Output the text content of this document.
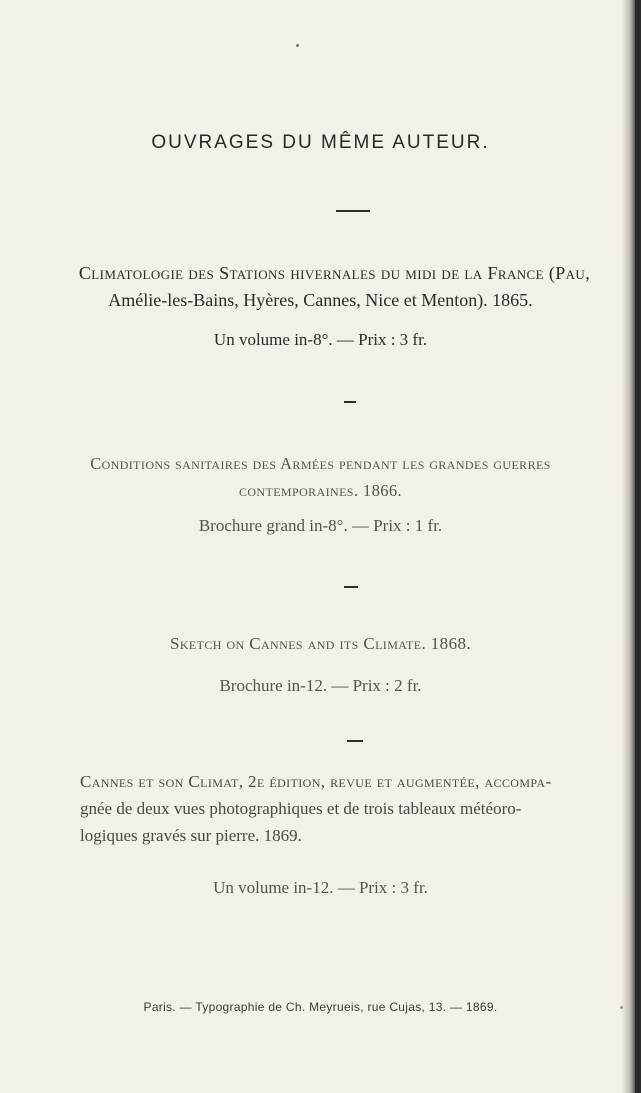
OUVRAGES DU MÊME AUTEUR.

Climatologie des Stations hivernales du midi de la France (Pau,

Amélie-les-Bains, Hyères, Cannes, Nice et Menton). 1865.

Un volume in-8°. — Prix : 3 fr.

Conditions sanitaires des Armées pendant les grandes guerres

contemporaines. 1866.

Brochure grand in-8°. — Prix : 1 fr.

Sketch on Cannes and its Climate. 1868.

Brochure in-12. — Prix : 2 fr.
Cannes et son Climat, 2e édition, revue et augmentée, accompa-
gnée de deux vues photographiques et de trois tableaux météoro-
logiques gravés sur pierre. 1869.
Un volume in-12. — Prix : 3 fr.
Paris. — Typographie de Ch. Meyrueis, rue Cujas, 13. — 1869.
